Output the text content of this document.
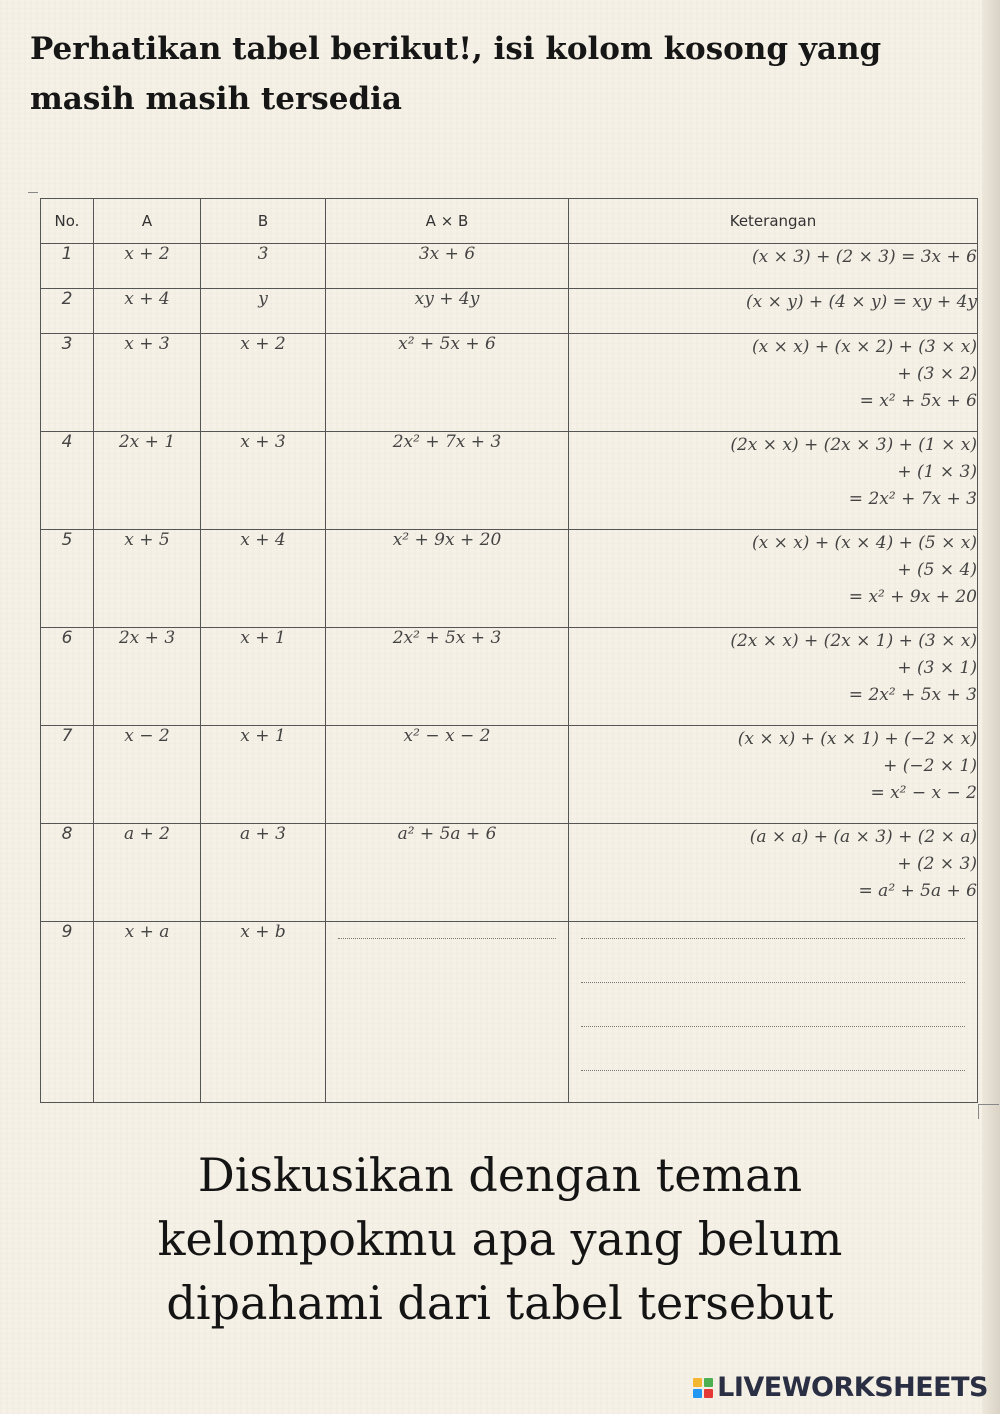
Perhatikan tabel berikut!, isi kolom kosong yang masih masih tersedia
No.	A	B	A × B	Keterangan
1	x + 2	3	3x + 6	(x × 3) + (2 × 3) = 3x + 6

2	x + 4	y	xy + 4y	(x × y) + (4 × y) = xy + 4y

3	x + 3	x + 2	x² + 5x + 6	(x × x) + (x × 2) + (3 × x)
+ (3 × 2)
= x² + 5x + 6

4	2x + 1	x + 3	2x² + 7x + 3	(2x × x) + (2x × 3) + (1 × x)
+ (1 × 3)
= 2x² + 7x + 3

5	x + 5	x + 4	x² + 9x + 20	(x × x) + (x × 4) + (5 × x)
+ (5 × 4)
= x² + 9x + 20

6	2x + 3	x + 1	2x² + 5x + 3	(2x × x) + (2x × 1) + (3 × x)
+ (3 × 1)
= 2x² + 5x + 3

7	x − 2	x + 1	x² − x − 2	(x × x) + (x × 1) + (−2 × x)
+ (−2 × 1)
= x² − x − 2

8	a + 2	a + 3	a² + 5a + 6	(a × a) + (a × 3) + (2 × a)
+ (2 × 3)
= a² + 5a + 6

9	x + a	x + b	

Diskusikan dengan teman
kelompokmu apa yang belum
dipahami dari tabel tersebut
LIVEWORKSHEETS
